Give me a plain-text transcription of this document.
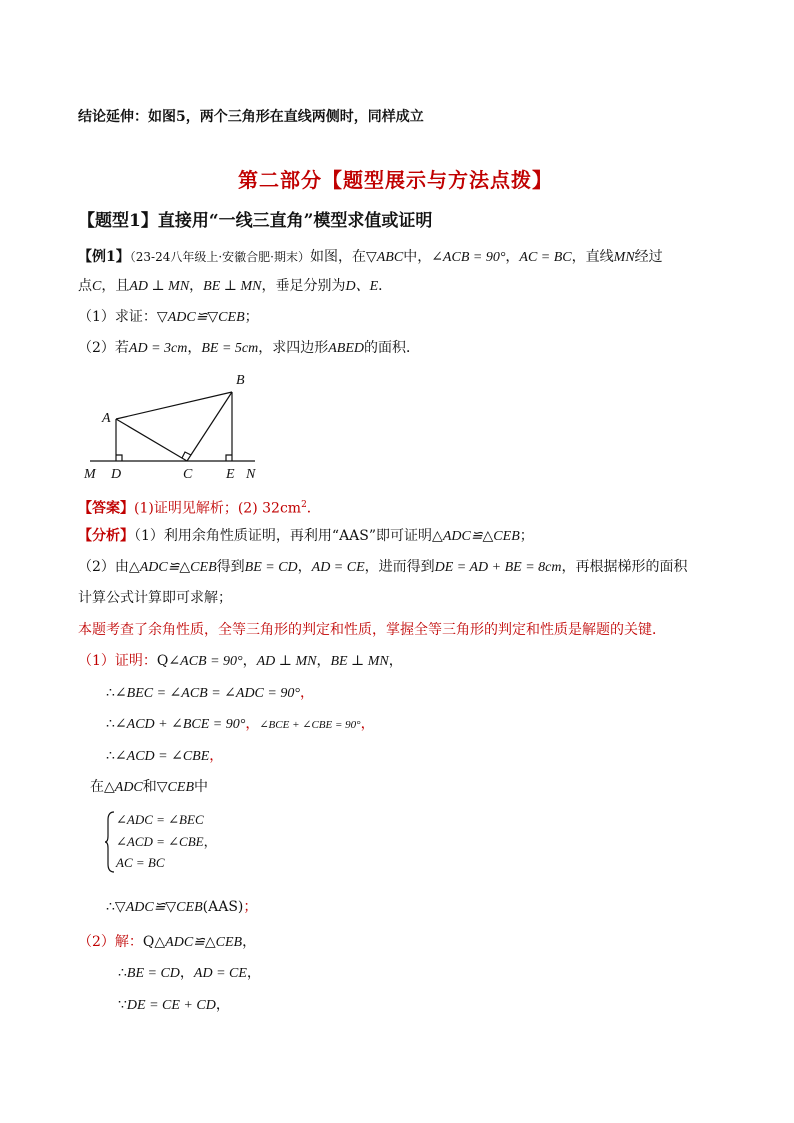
结论延伸：如图5，两个三角形在直线两侧时，同样成立
第二部分【题型展示与方法点拨】
【题型1】直接用“一线三直角”模型求值或证明
【例1】（23-24八年级上·安徽合肥·期末）如图，在▽ABC中，∠ACB = 90°，AC = BC，直线MN经过
点C，且AD ⊥ MN，BE ⊥ MN，垂足分别为D、E．
（1）求证：▽ADC≌▽CEB；
（2）若AD = 3cm，BE = 5cm，求四边形ABED的面积．
A
B
C
D	E
M	N
【答案】(1)证明见解析；(2) $32cm^2$．
【分析】（1）利用余角性质证明，再利用“AAS”即可证明△ADC≌△CEB；
（2）由△ADC≌△CEB得到BE = CD，AD = CE，进而得到DE = AD + BE = 8cm，再根据梯形的面积
计算公式计算即可求解；
本题考查了余角性质，全等三角形的判定和性质，掌握全等三角形的判定和性质是解题的关键．
（1）证明：Q∠ACB = 90°，AD ⊥ MN，BE ⊥ MN，
∴∠BEC = ∠ACB = ∠ADC = 90°，
∴∠ACD + ∠BCE = 90°，∠BCE + ∠CBE = 90°，
∴∠ACD = ∠CBE，
在△ADC和▽CEB中
∠ADC = ∠BEC
∠ACD = ∠CBE，
AC = BC
∴▽ADC≌▽CEB(AAS)；
（2）解：Q△ADC≌△CEB，
∴BE = CD，AD = CE，
∵DE = CE + CD，
